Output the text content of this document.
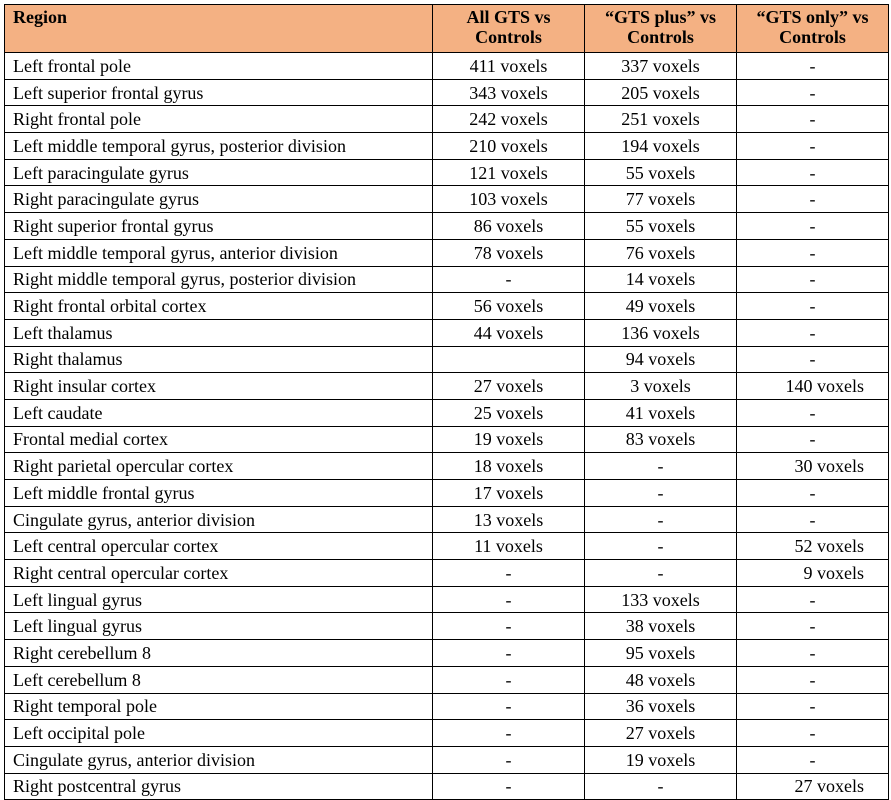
Region	All GTS vs Controls	“GTS plus” vs Controls	“GTS only” vs Controls
Left frontal pole	411 voxels	337 voxels	-
Left superior frontal gyrus	343 voxels	205 voxels	-
Right frontal pole	242 voxels	251 voxels	-
Left middle temporal gyrus, posterior division	210 voxels	194 voxels	-
Left paracingulate gyrus	121 voxels	55 voxels	-
Right paracingulate gyrus	103 voxels	77 voxels	-
Right superior frontal gyrus	86 voxels	55 voxels	-
Left middle temporal gyrus, anterior division	78 voxels	76 voxels	-
Right middle temporal gyrus, posterior division	-	14 voxels	-
Right frontal orbital cortex	56 voxels	49 voxels	-
Left thalamus	44 voxels	136 voxels	-
Right thalamus		94 voxels	-
Right insular cortex	27 voxels	3 voxels	140 voxels
Left caudate	25 voxels	41 voxels	-
Frontal medial cortex	19 voxels	83 voxels	-
Right parietal opercular cortex	18 voxels	-	30 voxels
Left middle frontal gyrus	17 voxels	-	-
Cingulate gyrus, anterior division	13 voxels	-	-
Left central opercular cortex	11 voxels	-	52 voxels
Right central opercular cortex	-	-	9 voxels
Left lingual gyrus	-	133 voxels	-
Left lingual gyrus	-	38 voxels	-
Right cerebellum 8	-	95 voxels	-
Left cerebellum 8	-	48 voxels	-
Right temporal pole	-	36 voxels	-
Left occipital pole	-	27 voxels	-
Cingulate gyrus, anterior division	-	19 voxels	-
Right postcentral gyrus	-	-	27 voxels
